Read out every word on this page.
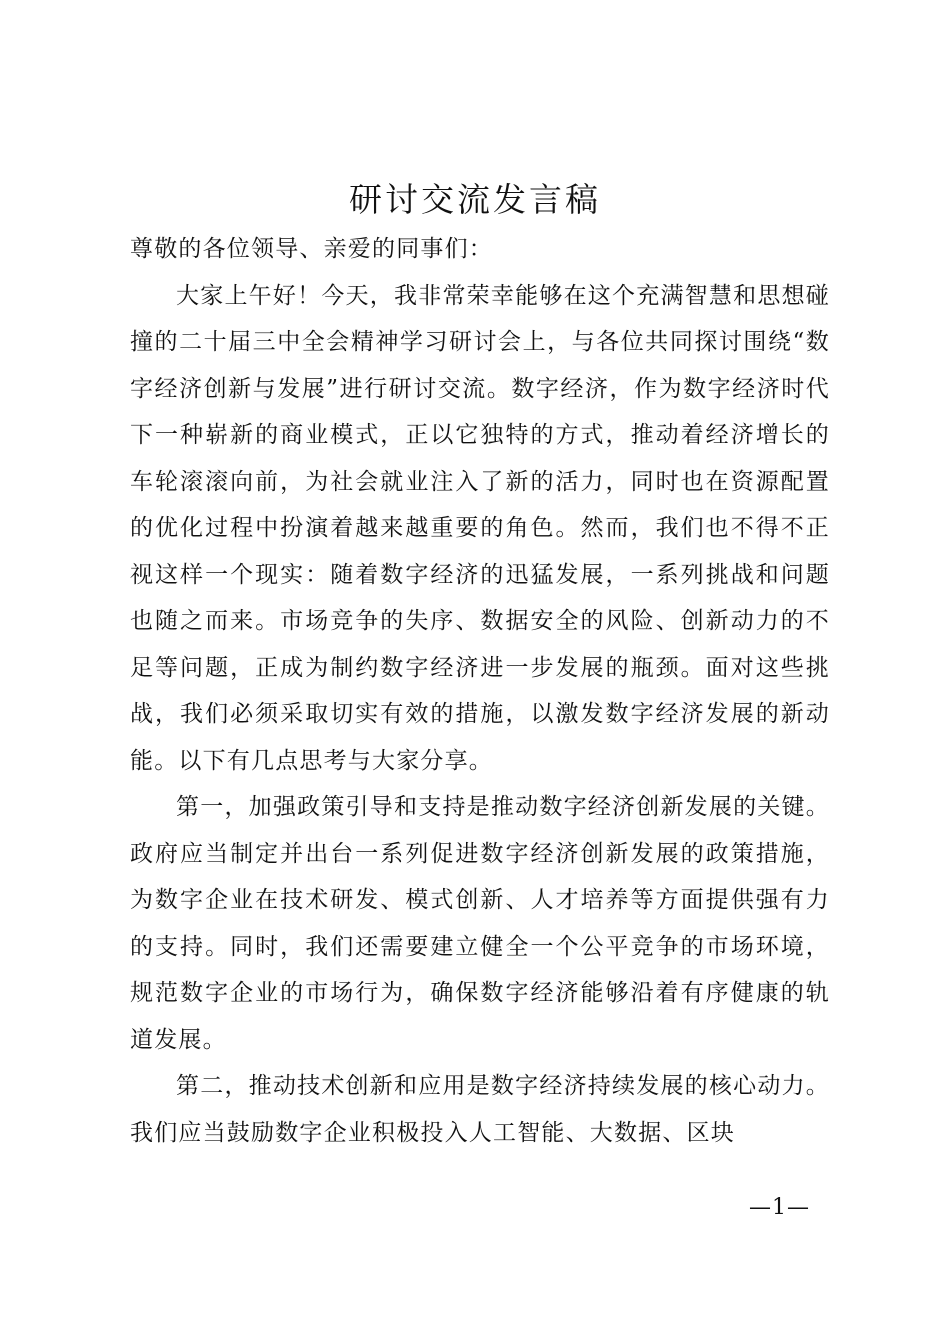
研讨交流发言稿

尊敬的各位领导、亲爱的同事们：

大家上午好！今天，我非常荣幸能够在这个充满智慧和思想碰撞的二十届三中全会精神学习研讨会上，与各位共同探讨围绕“数字经济创新与发展”进行研讨交流。数字经济，作为数字经济时代下一种崭新的商业模式，正以它独特的方式，推动着经济增长的车轮滚滚向前，为社会就业注入了新的活力，同时也在资源配置的优化过程中扮演着越来越重要的角色。然而，我们也不得不正视这样一个现实：随着数字经济的迅猛发展，一系列挑战和问题也随之而来。市场竞争的失序、数据安全的风险、创新动力的不足等问题，正成为制约数字经济进一步发展的瓶颈。面对这些挑战，我们必须采取切实有效的措施，以激发数字经济发展的新动能。以下有几点思考与大家分享。

第一，加强政策引导和支持是推动数字经济创新发展的关键。政府应当制定并出台一系列促进数字经济创新发展的政策措施，为数字企业在技术研发、模式创新、人才培养等方面提供强有力的支持。同时，我们还需要建立健全一个公平竞争的市场环境，规范数字企业的市场行为，确保数字经济能够沿着有序健康的轨道发展。

第二，推动技术创新和应用是数字经济持续发展的核心动力。我们应当鼓励数字企业积极投入人工智能、大数据、区块

—1—
